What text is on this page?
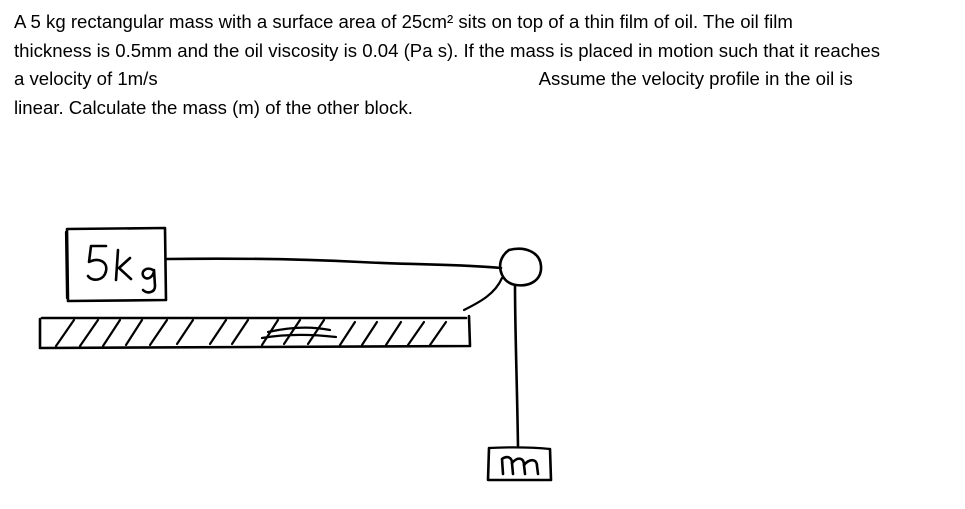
A 5 kg rectangular mass with a surface area of 25cm² sits on top of a thin film of oil. The oil film
thickness is 0.5mm and the oil viscosity is 0.04 (Pa s). If the mass is placed in motion such that it reaches
a velocity of 1m/s	Assume the velocity profile in the oil is
linear. Calculate the mass (m) of the other block.
